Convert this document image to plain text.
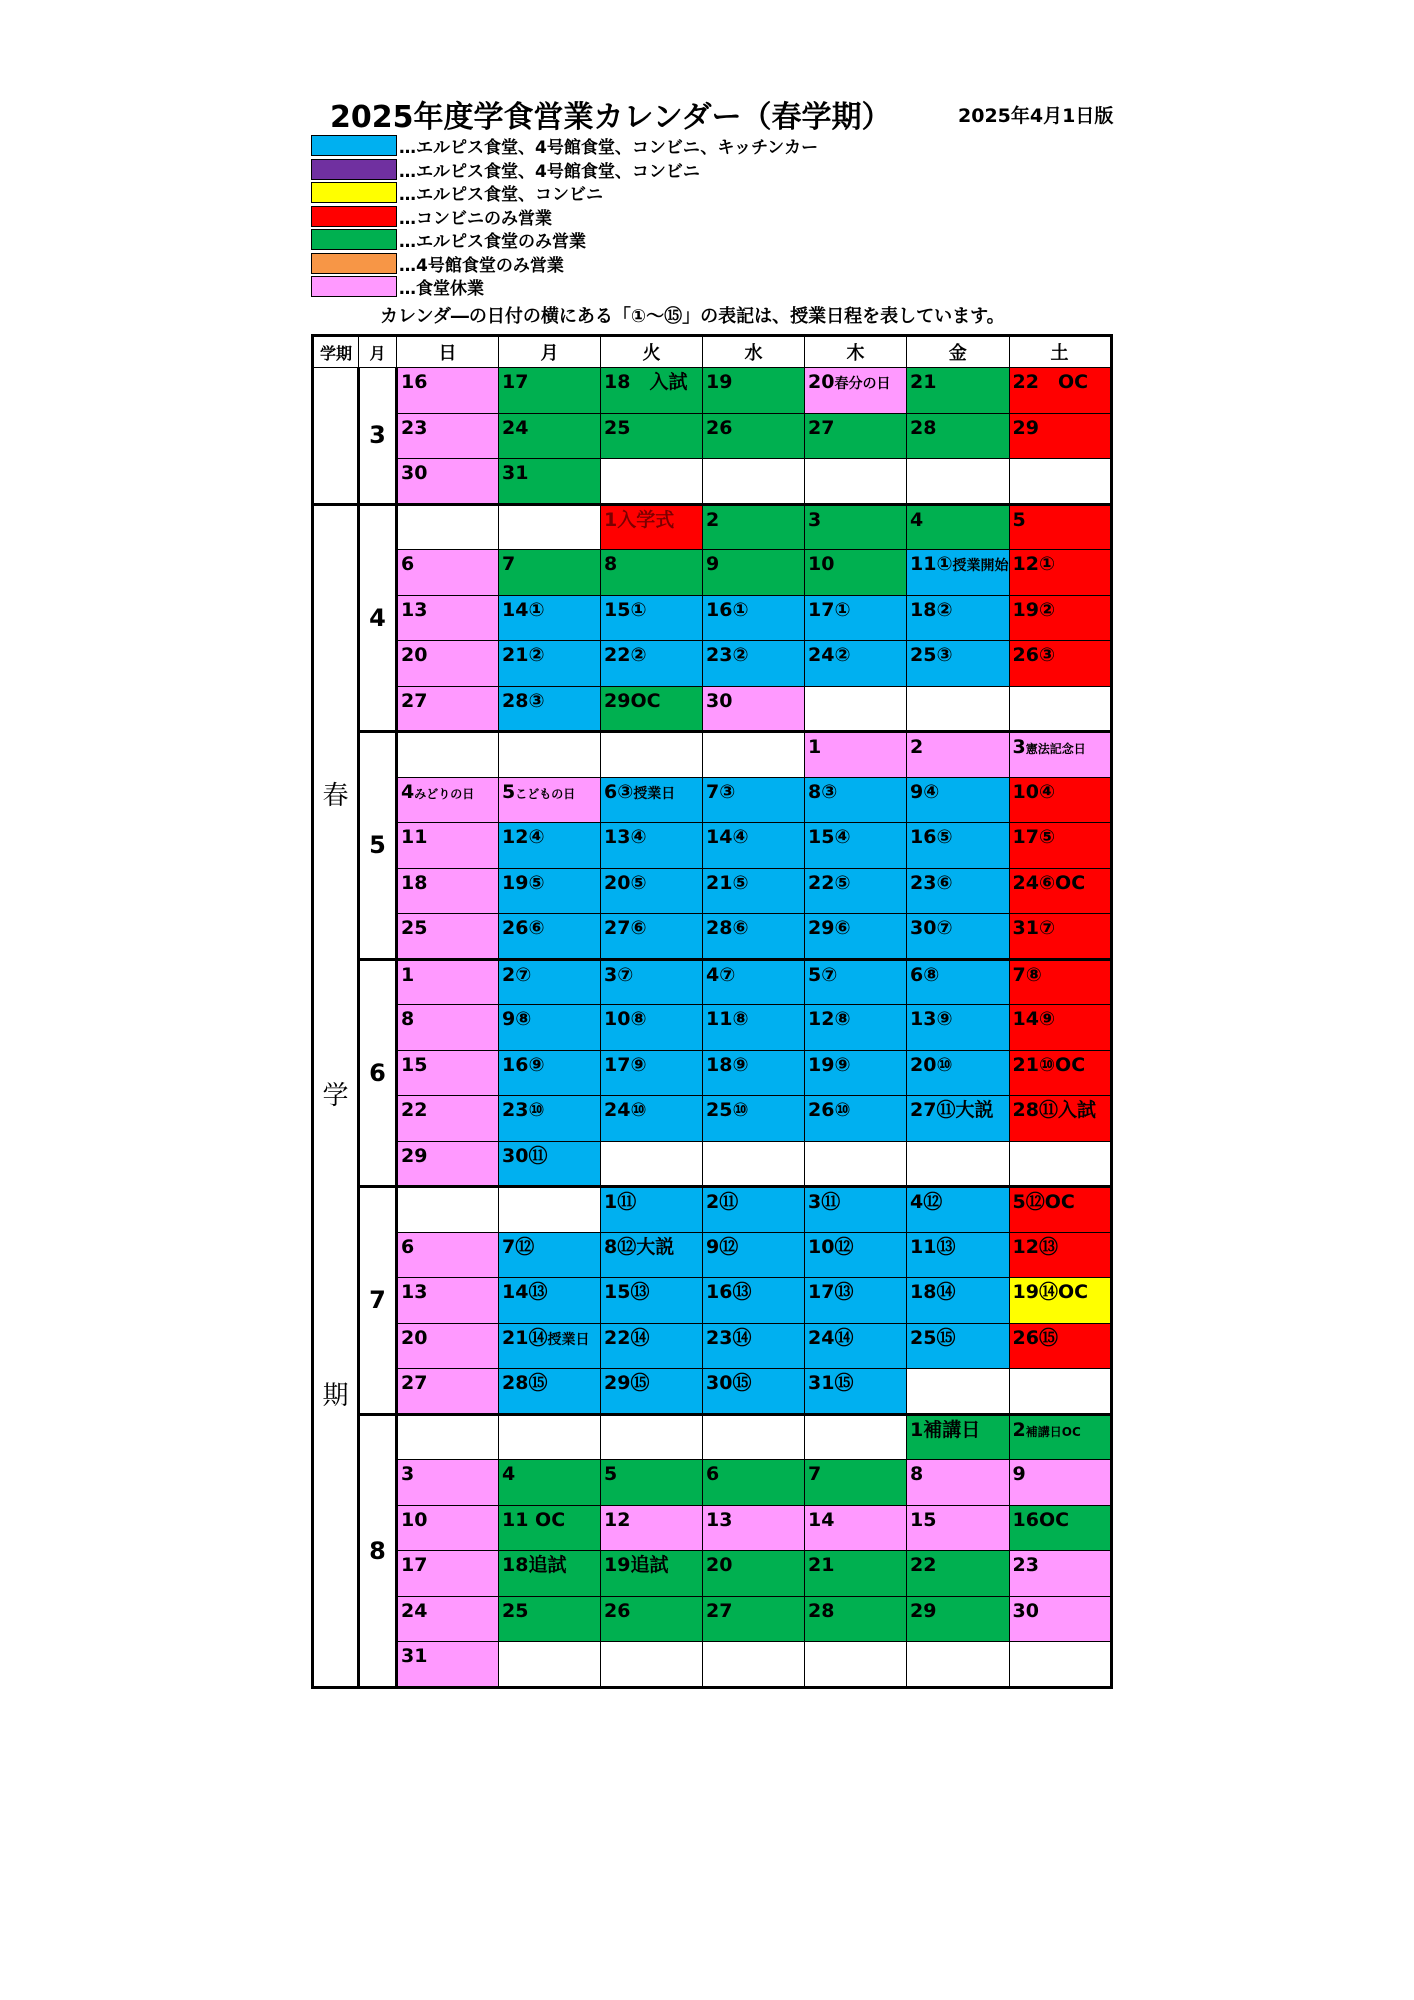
2025年度学食営業カレンダー（春学期）	2025年4月1日版
…エルピス食堂、4号館食堂、コンビニ、キッチンカー
…エルピス食堂、4号館食堂、コンビニ
…エルピス食堂、コンビニ
…コンビニのみ営業
…エルピス食堂のみ営業
…4号館食堂のみ営業
…食堂休業
カレンダ―の日付の横にある「①～⑮」の表記は、授業日程を表しています。
学期	月	日	月	火	水	木	金	土
	3	16	17	18　入試	19	20春分の日	21	22　OC
		23	24	25	26	27	28	29
		30	31					

春
学
期	4			1入学式	2	3	4	5
		6	7	8	9	10	11①授業開始	12①
		13	14①	15①	16①	17①	18②	19②
		20	21②	22②	23②	24②	25③	26③
		27	28③	29OC	30			
	5					1	2	3憲法記念日
		4みどりの日	5こどもの日	6③授業日	7③	8③	9④	10④
		11	12④	13④	14④	15④	16⑤	17⑤
		18	19⑤	20⑤	21⑤	22⑤	23⑥	24⑥OC
		25	26⑥	27⑥	28⑥	29⑥	30⑦	31⑦
	6	1	2⑦	3⑦	4⑦	5⑦	6⑧	7⑧
		8	9⑧	10⑧	11⑧	12⑧	13⑨	14⑨
		15	16⑨	17⑨	18⑨	19⑨	20⑩	21⑩OC
		22	23⑩	24⑩	25⑩	26⑩	27⑪大説	28⑪入試
		29	30⑪					
	7			1⑪	2⑪	3⑪	4⑫	5⑫OC
		6	7⑫	8⑫大説	9⑫	10⑫	11⑬	12⑬
		13	14⑬	15⑬	16⑬	17⑬	18⑭	19⑭OC
		20	21⑭授業日	22⑭	23⑭	24⑭	25⑮	26⑮
		27	28⑮	29⑮	30⑮	31⑮		
	8						1補講日	2補講日OC
		3	4	5	6	7	8	9
		10	11 OC	12	13	14	15	16OC
		17	18追試	19追試	20	21	22	23
		24	25	26	27	28	29	30
		31						
